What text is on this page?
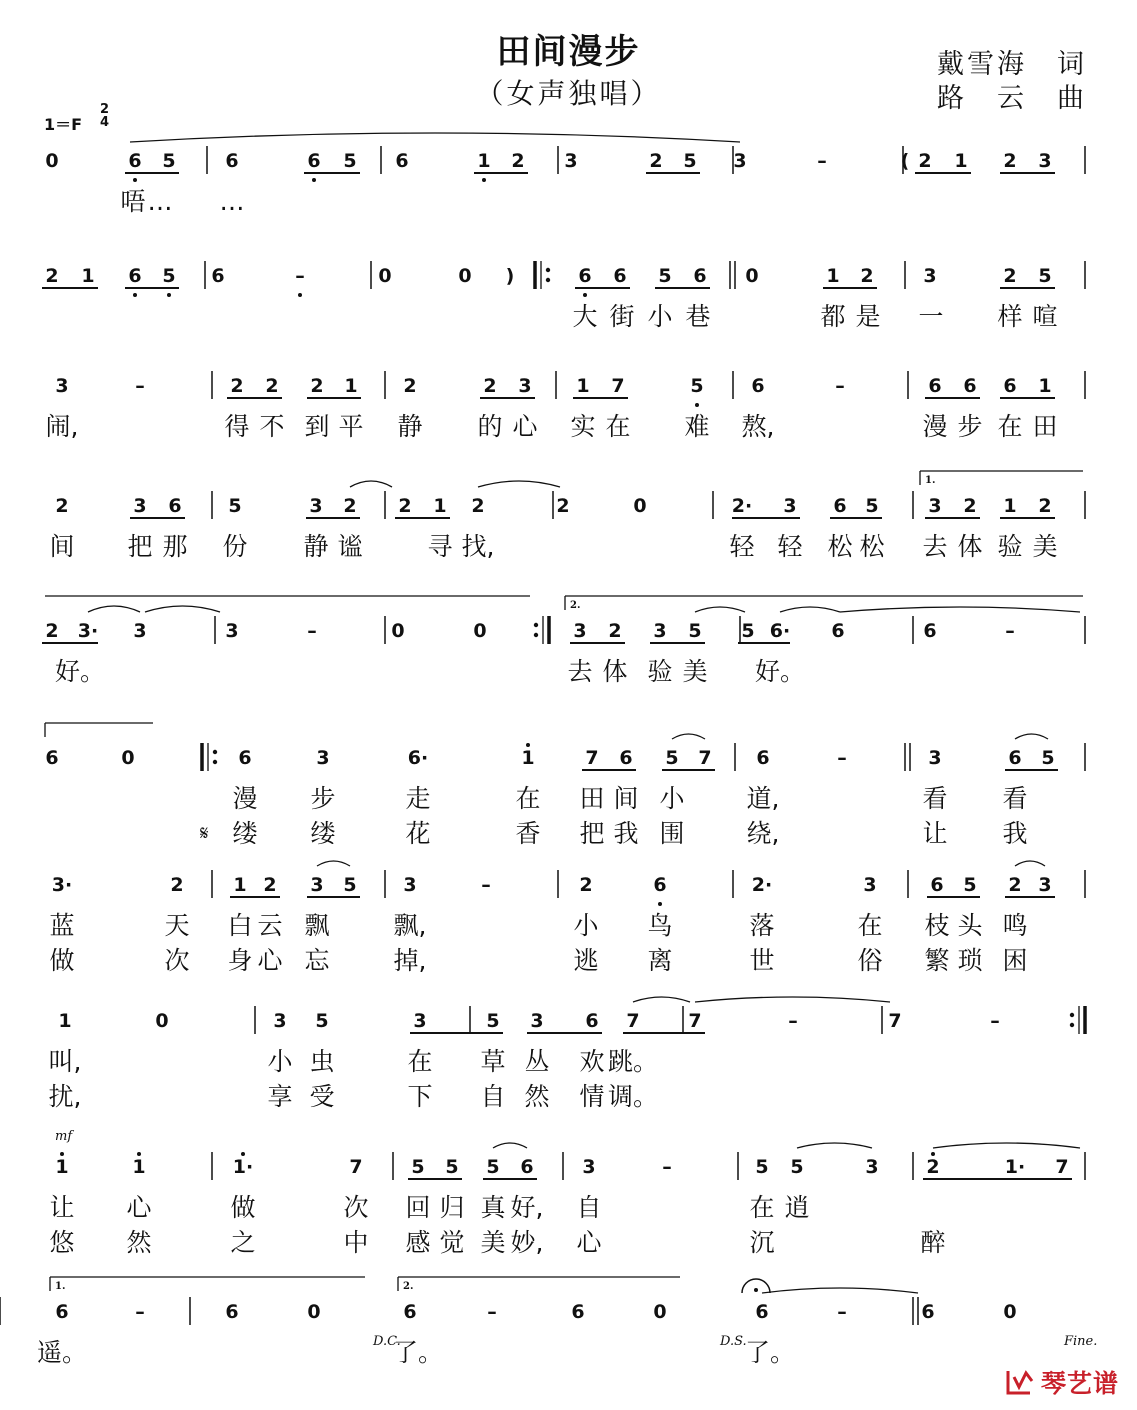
田间漫步
（女声独唱）
戴雪海　词
路　云　曲
1＝F
2
4
0	6 5	6	6 5 6	1 2 3	2 5 3	–	( 2 1 2 3
唔 … …
2 1 6 5 6	–	0	0 )	6 6 5 6 0	1 2	3	2 5
大 街 小 巷	都 是 一 样 喧
3	–	2 2 2 1 2	2 3 1 7	5	6	–	6 6 6 1
闹,	得 不 到 平 静 的 心 实 在 难 熬,	漫 步 在 田
2	3 6 5	3 2 2 1 2	2	0	2· 3 6 5	3 2 1 2
间 把 那 份 静 谧	寻 找,	轻 轻 松 松 去 体 验 美
2 3· 3	3	–	0	0	3 2 3 5 5 6· 6	6	–
好。	去 体 验 美 好。
6	0	6	3	6·	1	7 6 5 7 6	–	3	6 5
漫 步	走	在 田 间 小 道,	看 看
缕 缕	花	香 把 我 围 绕,	让 我
3·	2	1 2 3 5 3	–	2	6	2·	3	6 5 2 3
蓝	天 白 云 飘	飘,	小 鸟	落	在 枝 头 鸣
做	次 身 心 忘	掉,	逃 离	世	俗 繁 琐 困
1	0	3 5	3	5 3 6 7	7	–	7	–
叫,	小 虫	在 草 丛 欢 跳。
扰,	享 受	下 自 然 情 调。
1	1	1·	7	5 5 5 6	3	–	5 5	3	2	1· 7
让 心	做	次 回 归 真 好, 自	在 逍
悠 然	之	中 感 觉 美 妙, 心	沉	醉
6	–	6	0	6	–	6	0	6	–	6	0
遥。	了。	了。
1.
2.
1.	2.
mf
𝄋
D.C.	D.S.	Fine.
琴艺谱
